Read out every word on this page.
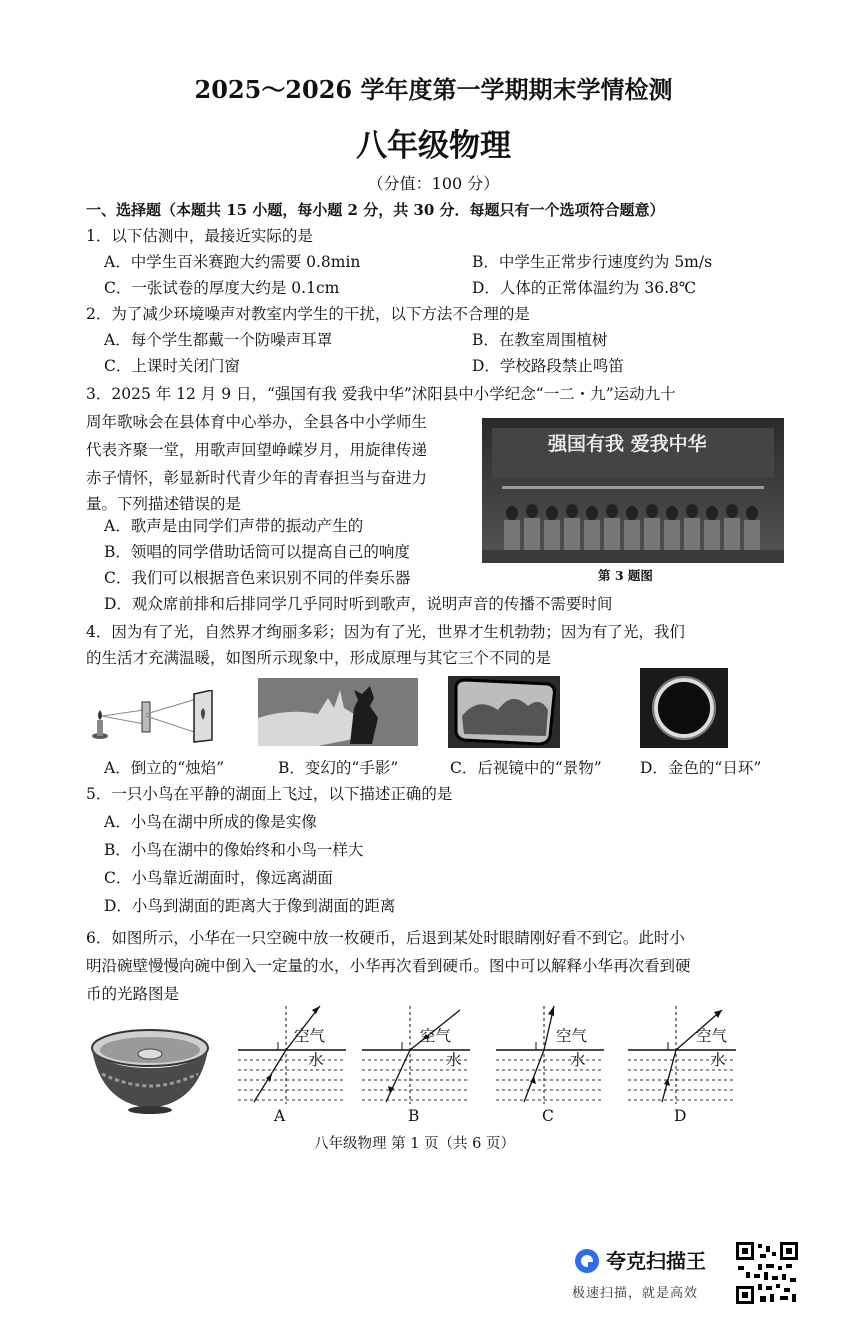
2025～2026 学年度第一学期期末学情检测
八年级物理
（分值：100 分）
一、选择题（本题共 15 小题，每小题 2 分，共 30 分．每题只有一个选项符合题意）
1．以下估测中，最接近实际的是
A．中学生百米赛跑大约需要 0.8min	B．中学生正常步行速度约为 5m/s
C．一张试卷的厚度大约是 0.1cm	D．人体的正常体温约为 36.8℃
2．为了减少环境噪声对教室内学生的干扰，以下方法不合理的是
A．每个学生都戴一个防噪声耳罩	B．在教室周围植树
C．上课时关闭门窗	D．学校路段禁止鸣笛
3．2025 年 12 月 9 日，“强国有我 爱我中华”沭阳县中小学纪念“一二・九”运动九十
周年歌咏会在县体育中心举办，全县各中小学师生
代表齐聚一堂，用歌声回望峥嵘岁月，用旋律传递
赤子情怀，彰显新时代青少年的青春担当与奋进力
量。下列描述错误的是
A．歌声是由同学们声带的振动产生的
B．领唱的同学借助话筒可以提高自己的响度
C．我们可以根据音色来识别不同的伴奏乐器
D．观众席前排和后排同学几乎同时听到歌声，说明声音的传播不需要时间
强国有我 爱我中华
第 3 题图
4．因为有了光，自然界才绚丽多彩；因为有了光，世界才生机勃勃；因为有了光，我们
的生活才充满温暖，如图所示现象中，形成原理与其它三个不同的是
A．倒立的“烛焰”	B．变幻的“手影”	C．后视镜中的“景物” D．金色的“日环”
5．一只小鸟在平静的湖面上飞过，以下描述正确的是
A．小鸟在湖中所成的像是实像
B．小鸟在湖中的像始终和小鸟一样大
C．小鸟靠近湖面时，像远离湖面
D．小鸟到湖面的距离大于像到湖面的距离
6．如图所示，小华在一只空碗中放一枚硬币，后退到某处时眼睛刚好看不到它。此时小
明沿碗壁慢慢向碗中倒入一定量的水，小华再次看到硬币。图中可以解释小华再次看到硬
币的光路图是
空气
水
A
空气
水
B
空气
水
C
空气
水
D
八年级物理 第 1 页（共 6 页）
夸克扫描王
极速扫描，就是高效
